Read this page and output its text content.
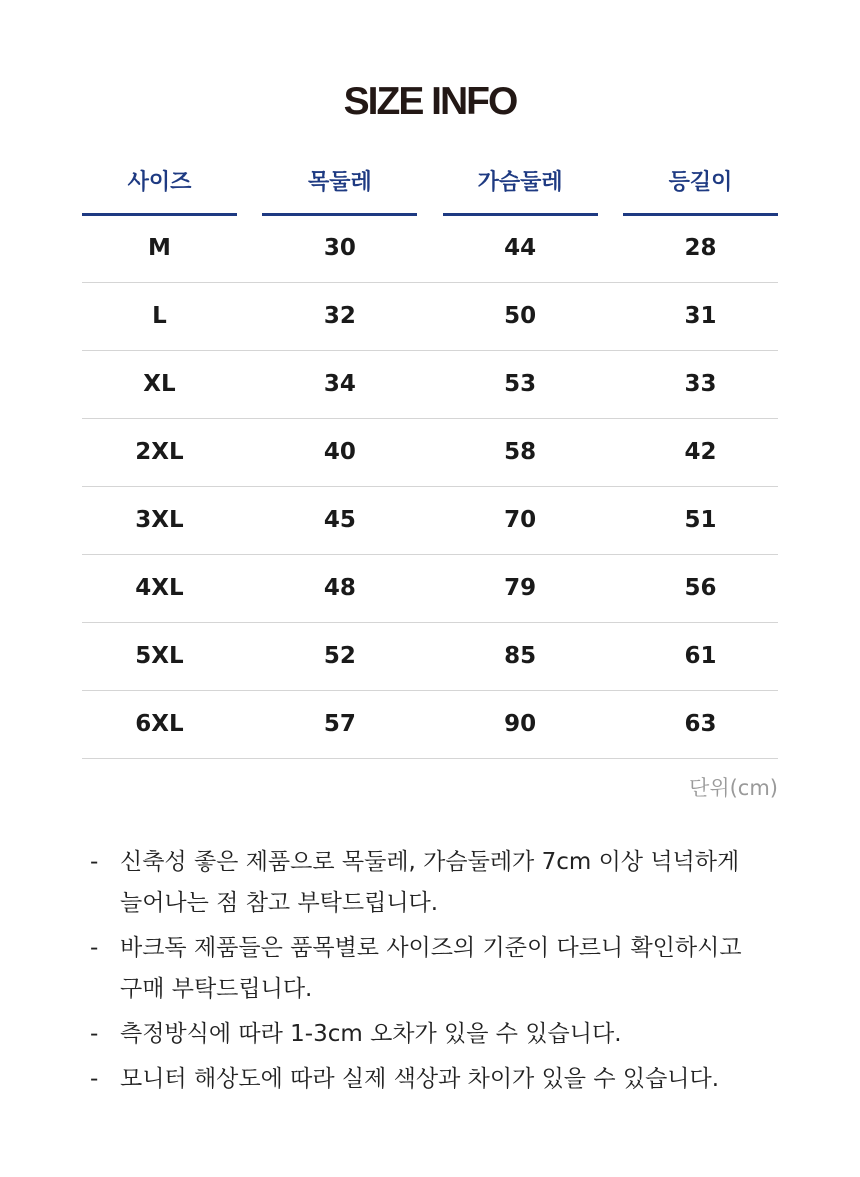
SIZE INFO
사이즈	목둘레	가슴둘레	등길이
M	30	44	28
L	32	50	31
XL	34	53	33
2XL	40	58	42
3XL	45	70	51
4XL	48	79	56
5XL	52	85	61
6XL	57	90	63
단위(cm)
- 신축성 좋은 제품으로 목둘레, 가슴둘레가 7cm 이상 넉넉하게
늘어나는 점 참고 부탁드립니다.
- 바크독 제품들은 품목별로 사이즈의 기준이 다르니 확인하시고
구매 부탁드립니다.
- 측정방식에 따라 1-3cm 오차가 있을 수 있습니다.
- 모니터 해상도에 따라 실제 색상과 차이가 있을 수 있습니다.
